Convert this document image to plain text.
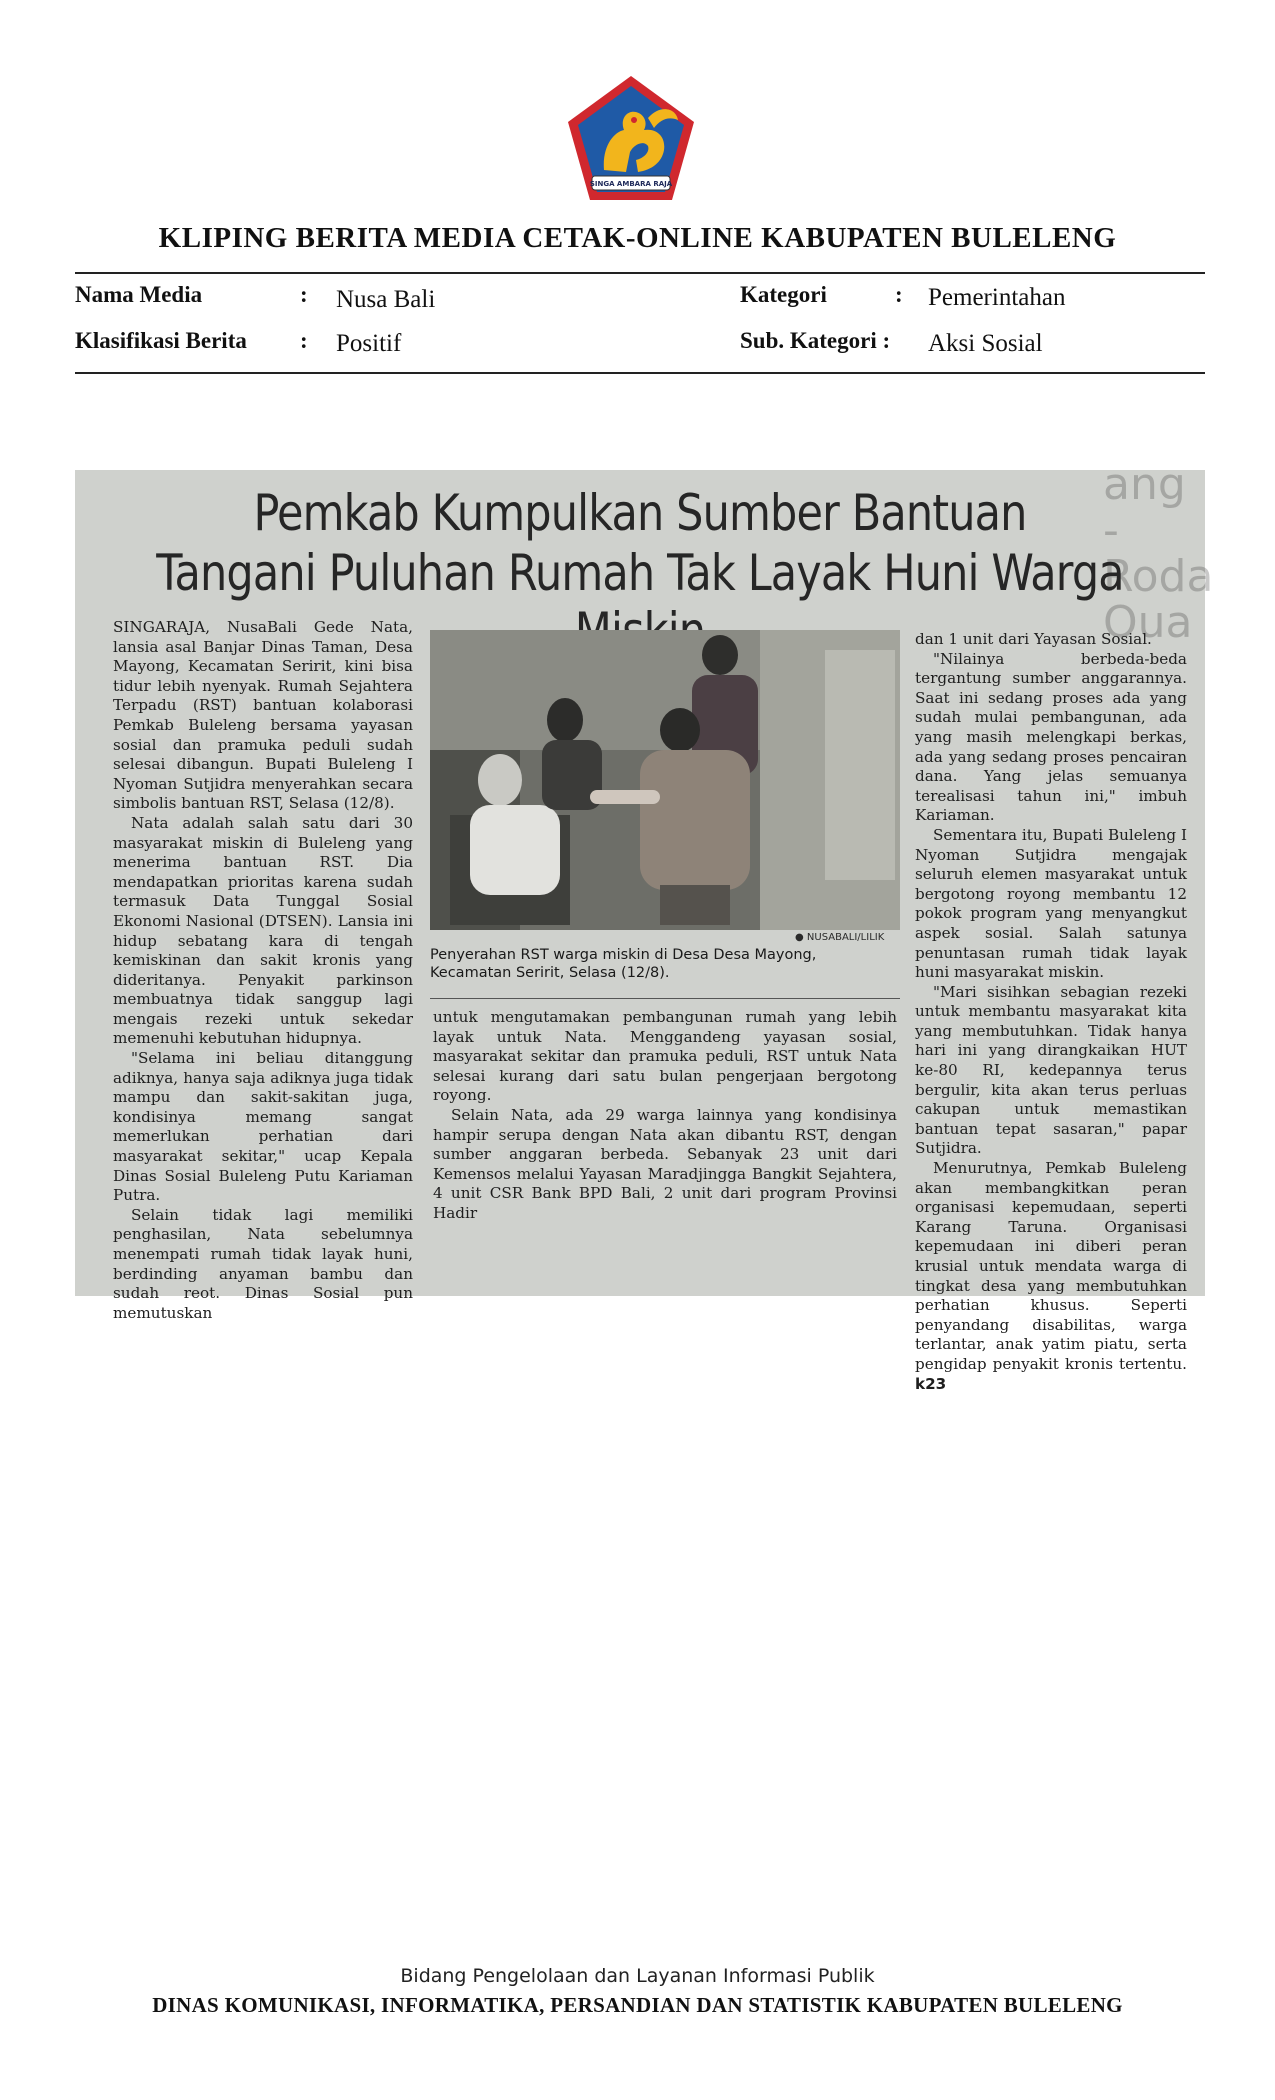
SINGA AMBARA RAJA
KLIPING BERITA MEDIA CETAK-ONLINE KABUPATEN BULELENG
Nama Media	: Nusa Bali
Klasifikasi Berita : Positif
Kategori	: Pemerintahan
Sub. Kategori : Aksi Sosial
ang -Roda Oua
Pemkab Kumpulkan Sumber Bantuan
Tangani Puluhan Rumah Tak Layak Huni Warga

SINGARAJA, NusaBali Gede Nata, lansia asal Banjar Dinas Taman, Desa Mayong, Kecamatan Seririt, kini bisa tidur lebih nyenyak. Rumah Sejahtera Terpadu (RST) bantuan kolaborasi Pemkab Buleleng bersama yayasan sosial dan pramuka peduli sudah selesai dibangun. Bupati Buleleng I Nyoman Sutjidra menyerahkan secara simbolis bantuan RST, Selasa (12/8).

Nata adalah salah satu dari 30 masyarakat miskin di Buleleng yang menerima bantuan RST. Dia mendapatkan prioritas karena sudah termasuk Data Tunggal Sosial Ekonomi Nasional (DTSEN). Lansia ini hidup sebatang kara di tengah kemiskinan dan sakit kronis yang dideritanya. Penyakit parkinson membuatnya tidak sanggup lagi mengais rezeki untuk sekedar memenuhi kebutuhan hidupnya.

"Selama ini beliau ditanggung adiknya, hanya saja adiknya juga tidak mampu dan sakit-sakitan juga, kondisinya memang sangat memerlukan perhatian dari masyarakat sekitar," ucap Kepala Dinas Sosial Buleleng Putu Kariaman Putra.

Selain tidak lagi memiliki penghasilan, Nata sebelumnya menempati rumah tidak layak huni, berdinding anyaman bambu dan sudah reot. Dinas Sosial pun memutuskan

● NUSABALI/LILIK
Penyerahan RST warga miskin di Desa Desa Mayong, Kecamatan Seririt, Selasa (12/8).

untuk mengutamakan pembangunan rumah yang lebih layak untuk Nata. Menggandeng yayasan sosial, masyarakat sekitar dan pramuka peduli, RST untuk Nata selesai kurang dari satu bulan pengerjaan bergotong royong.

Selain Nata, ada 29 warga lainnya yang kondisinya hampir serupa dengan Nata akan dibantu RST, dengan sumber anggaran berbeda. Sebanyak 23 unit dari Kemensos melalui Yayasan Maradjinggа Bangkit Sejahtera, 4 unit CSR Bank BPD Bali, 2 unit dari program Provinsi Hadir

dan 1 unit dari Yayasan Sosial.

"Nilainya berbeda-beda tergantung sumber anggarannya. Saat ini sedang proses ada yang sudah mulai pembangunan, ada yang masih melengkapi berkas, ada yang sedang proses pencairan dana. Yang jelas semuanya terealisasi tahun ini," imbuh Kariaman.

Sementara itu, Bupati Buleleng I Nyoman Sutjidra mengajak seluruh elemen masyarakat untuk bergotong royong membantu 12 pokok program yang menyangkut aspek sosial. Salah satunya penuntasan rumah tidak layak huni masyarakat miskin.

"Mari sisihkan sebagian rezeki untuk membantu masyarakat kita yang membutuhkan. Tidak hanya hari ini yang dirangkaikan HUT ke-80 RI, kedepannya terus bergulir, kita akan terus perluas cakupan untuk memastikan bantuan tepat sasaran," papar Sutjidra.

Menurutnya, Pemkab Buleleng akan membangkitkan peran organisasi kepemudaan, seperti Karang Taruna. Organisasi kepemudaan ini diberi peran krusial untuk mendata warga di tingkat desa yang membutuhkan perhatian khusus. Seperti penyandang disabilitas, warga terlantar, anak yatim piatu, serta pengidap penyakit kronis tertentu. k23

Bidang Pengelolaan dan Layanan Informasi Publik
DINAS KOMUNIKASI, INFORMATIKA, PERSANDIAN DAN STATISTIK KABUPATEN BULELENG
